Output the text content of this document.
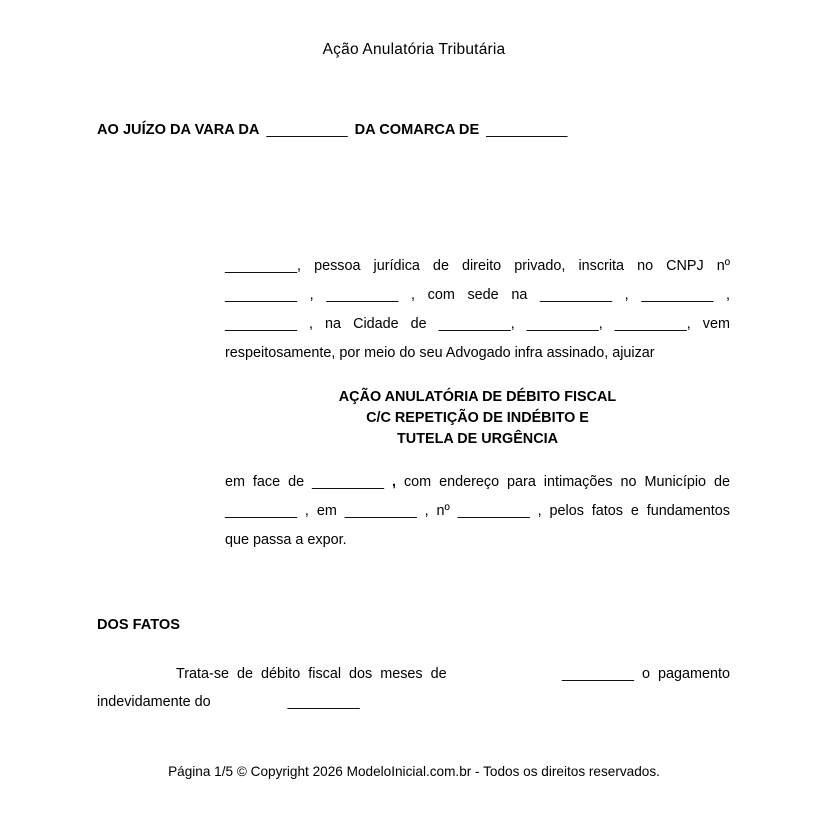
Ação Anulatória Tributária
AO JUÍZO DA VARA DA __________ DA COMARCA DE __________
_________, pessoa jurídica de direito privado, inscrita no CNPJ nº
_________ , _________ , com sede na _________ , _________ ,
_________ , na Cidade de _________, _________, _________, vem
respeitosamente, por meio do seu Advogado infra assinado, ajuizar
AÇÃO ANULATÓRIA DE DÉBITO FISCAL
C/C REPETIÇÃO DE INDÉBITO E
TUTELA DE URGÊNCIA
em face de _________ , com endereço para intimações no Município de
_________ , em _________ , nº _________ , pelos fatos e fundamentos
que passa a expor.
DOS FATOS
Trata-se de débito fiscal dos meses de	_________ o pagamento
indevidamente do	_________
Página 1/5 © Copyright 2026 ModeloInicial.com.br - Todos os direitos reservados.
